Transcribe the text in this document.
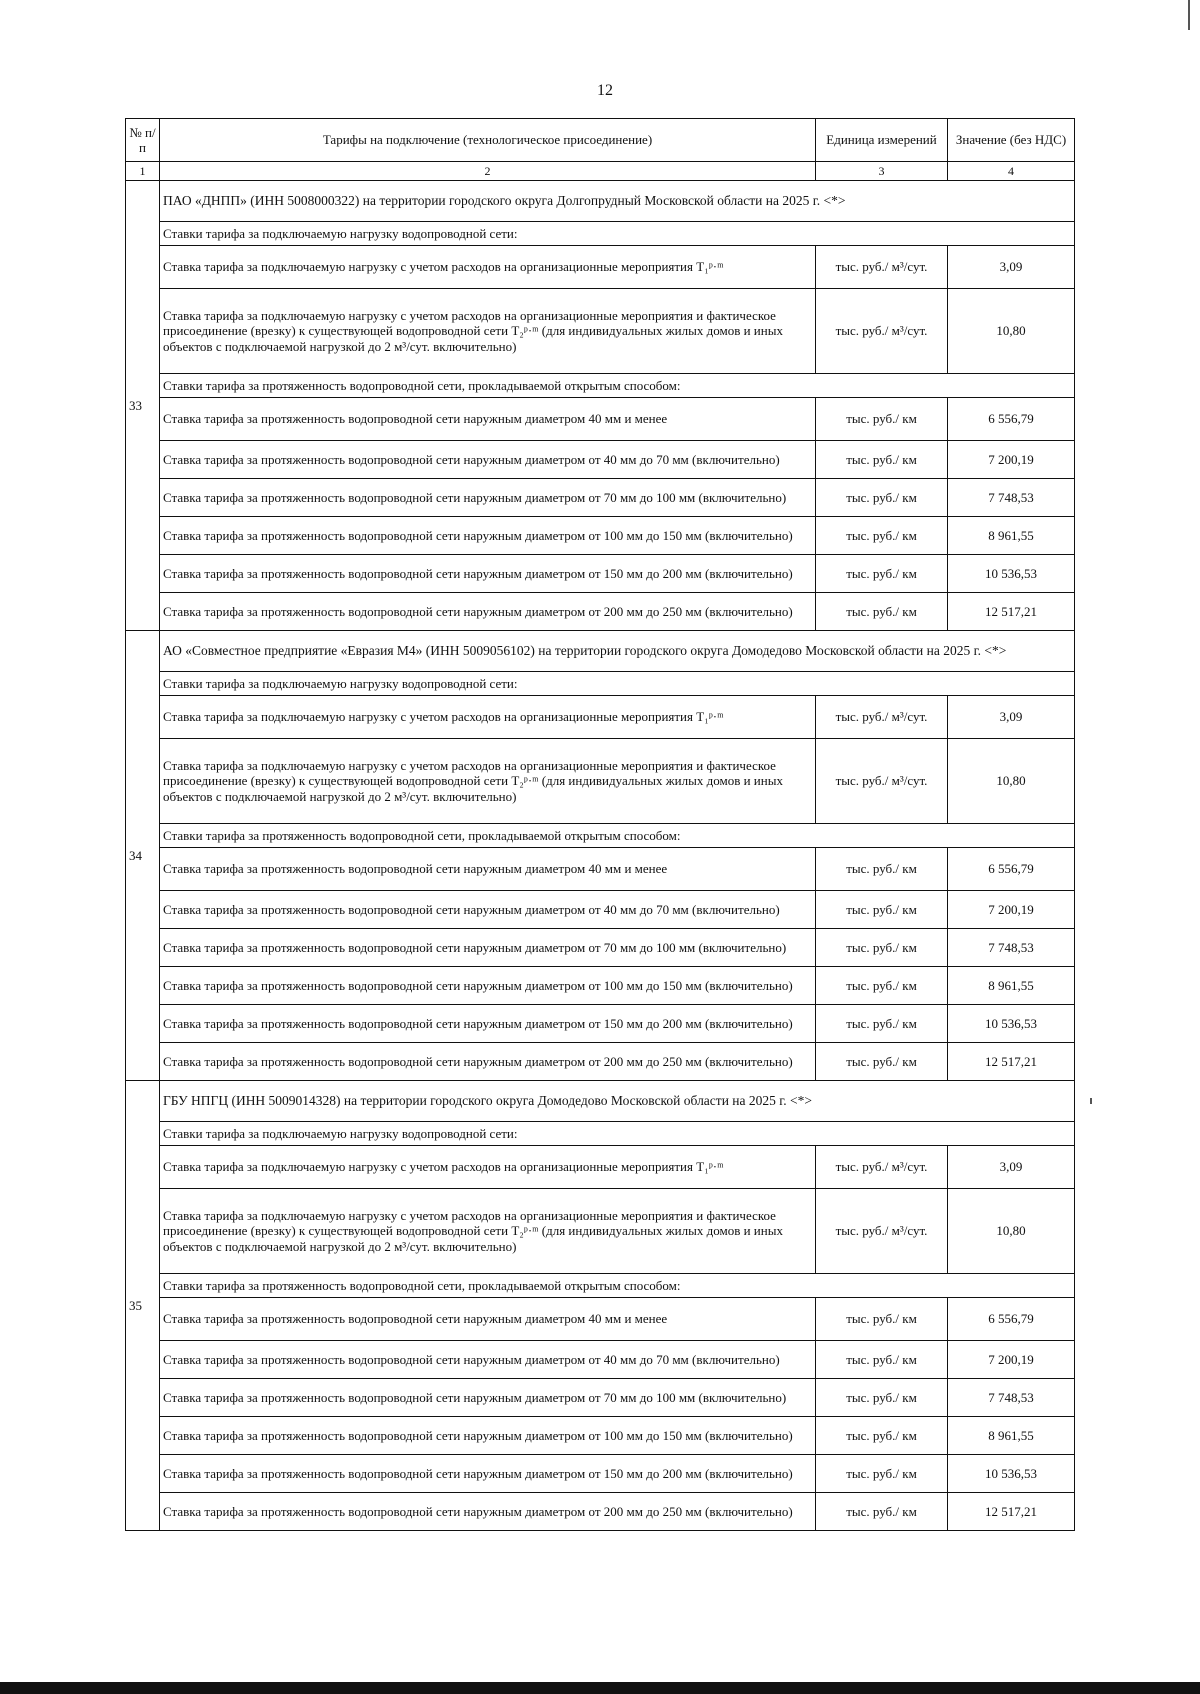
12
№ п/п	Тарифы на подключение (технологическое присоединение)	Единица измерений	Значение (без НДС)
1	2	3	4
33	ПАО «ДНПП» (ИНН 5008000322) на территории городского округа Долгопрудный Московской области на 2025 г. <*>		
	Ставки тарифа за подключаемую нагрузку водопроводной сети:		
	Ставка тарифа за подключаемую нагрузку с учетом расходов на организационные мероприятия T₁ᵖ·ᵐ	тыс. руб./ м³/сут.	3,09
	Ставка тарифа за подключаемую нагрузку с учетом расходов на организационные мероприятия и фактическое присоединение (врезку) к существующей водопроводной сети T₂ᵖ·ᵐ (для индивидуальных жилых домов и иных объектов с подключаемой нагрузкой до 2 м³/сут. включительно)	тыс. руб./ м³/сут.	10,80
	Ставки тарифа за протяженность водопроводной сети, прокладываемой открытым способом:		
	Ставка тарифа за протяженность водопроводной сети наружным диаметром 40 мм и менее	тыс. руб./ км	6 556,79
	Ставка тарифа за протяженность водопроводной сети наружным диаметром от 40 мм до 70 мм (включительно)	тыс. руб./ км	7 200,19
	Ставка тарифа за протяженность водопроводной сети наружным диаметром от 70 мм до 100 мм (включительно)	тыс. руб./ км	7 748,53
	Ставка тарифа за протяженность водопроводной сети наружным диаметром от 100 мм до 150 мм (включительно)	тыс. руб./ км	8 961,55
	Ставка тарифа за протяженность водопроводной сети наружным диаметром от 150 мм до 200 мм (включительно)	тыс. руб./ км	10 536,53
	Ставка тарифа за протяженность водопроводной сети наружным диаметром от 200 мм до 250 мм (включительно)	тыс. руб./ км	12 517,21
34	АО «Совместное предприятие «Евразия М4» (ИНН 5009056102) на территории городского округа Домодедово Московской области на 2025 г. <*>		
	Ставки тарифа за подключаемую нагрузку водопроводной сети:		
	Ставка тарифа за подключаемую нагрузку с учетом расходов на организационные мероприятия T₁ᵖ·ᵐ	тыс. руб./ м³/сут.	3,09
	Ставка тарифа за подключаемую нагрузку с учетом расходов на организационные мероприятия и фактическое присоединение (врезку) к существующей водопроводной сети T₂ᵖ·ᵐ (для индивидуальных жилых домов и иных объектов с подключаемой нагрузкой до 2 м³/сут. включительно)	тыс. руб./ м³/сут.	10,80
	Ставки тарифа за протяженность водопроводной сети, прокладываемой открытым способом:		
	Ставка тарифа за протяженность водопроводной сети наружным диаметром 40 мм и менее	тыс. руб./ км	6 556,79
	Ставка тарифа за протяженность водопроводной сети наружным диаметром от 40 мм до 70 мм (включительно)	тыс. руб./ км	7 200,19
	Ставка тарифа за протяженность водопроводной сети наружным диаметром от 70 мм до 100 мм (включительно)	тыс. руб./ км	7 748,53
	Ставка тарифа за протяженность водопроводной сети наружным диаметром от 100 мм до 150 мм (включительно)	тыс. руб./ км	8 961,55
	Ставка тарифа за протяженность водопроводной сети наружным диаметром от 150 мм до 200 мм (включительно)	тыс. руб./ км	10 536,53
	Ставка тарифа за протяженность водопроводной сети наружным диаметром от 200 мм до 250 мм (включительно)	тыс. руб./ км	12 517,21
35	ГБУ НПГЦ (ИНН 5009014328) на территории городского округа Домодедово Московской области на 2025 г. <*>		
	Ставки тарифа за подключаемую нагрузку водопроводной сети:		
	Ставка тарифа за подключаемую нагрузку с учетом расходов на организационные мероприятия T₁ᵖ·ᵐ	тыс. руб./ м³/сут.	3,09
	Ставка тарифа за подключаемую нагрузку с учетом расходов на организационные мероприятия и фактическое присоединение (врезку) к существующей водопроводной сети T₂ᵖ·ᵐ (для индивидуальных жилых домов и иных объектов с подключаемой нагрузкой до 2 м³/сут. включительно)	тыс. руб./ м³/сут.	10,80
	Ставки тарифа за протяженность водопроводной сети, прокладываемой открытым способом:		
	Ставка тарифа за протяженность водопроводной сети наружным диаметром 40 мм и менее	тыс. руб./ км	6 556,79
	Ставка тарифа за протяженность водопроводной сети наружным диаметром от 40 мм до 70 мм (включительно)	тыс. руб./ км	7 200,19
	Ставка тарифа за протяженность водопроводной сети наружным диаметром от 70 мм до 100 мм (включительно)	тыс. руб./ км	7 748,53
	Ставка тарифа за протяженность водопроводной сети наружным диаметром от 100 мм до 150 мм (включительно)	тыс. руб./ км	8 961,55
	Ставка тарифа за протяженность водопроводной сети наружным диаметром от 150 мм до 200 мм (включительно)	тыс. руб./ км	10 536,53
	Ставка тарифа за протяженность водопроводной сети наружным диаметром от 200 мм до 250 мм (включительно)	тыс. руб./ км	12 517,21
